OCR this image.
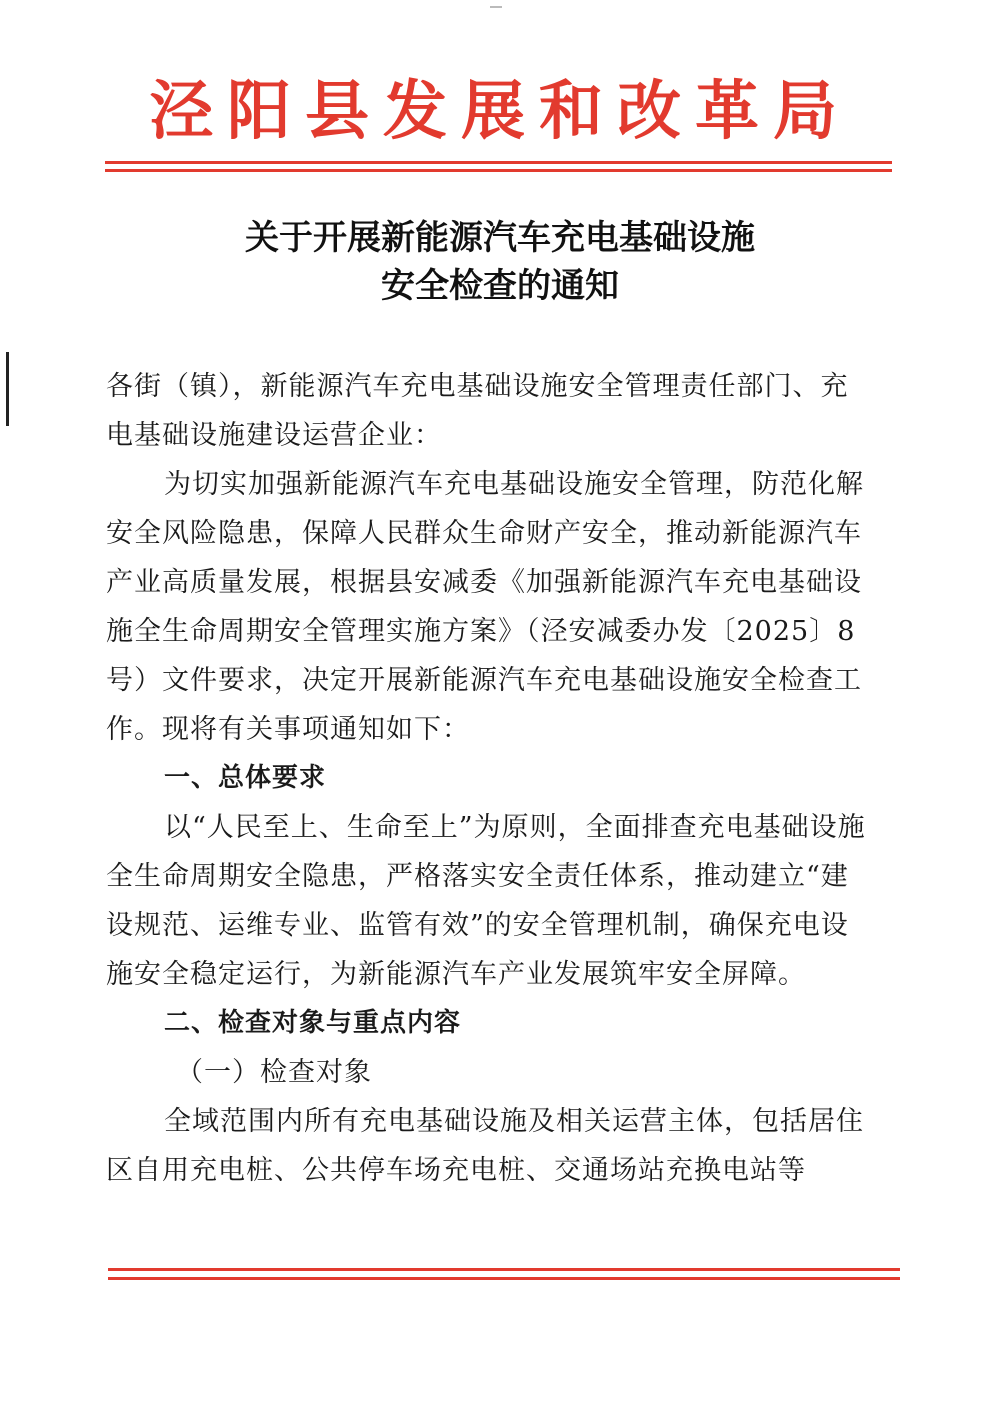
泾阳县发展和改革局
关于开展新能源汽车充电基础设施
安全检查的通知

各街（镇），新能源汽车充电基础设施安全管理责任部门、充电基础设施建设运营企业：

为切实加强新能源汽车充电基础设施安全管理，防范化解安全风险隐患，保障人民群众生命财产安全，推动新能源汽车产业高质量发展，根据县安减委《加强新能源汽车充电基础设施全生命周期安全管理实施方案》（泾安减委办发〔2025〕8号）文件要求，决定开展新能源汽车充电基础设施安全检查工作。现将有关事项通知如下：

一、总体要求

以“人民至上、生命至上”为原则，全面排查充电基础设施全生命周期安全隐患，严格落实安全责任体系，推动建立“建设规范、运维专业、监管有效”的安全管理机制，确保充电设施安全稳定运行，为新能源汽车产业发展筑牢安全屏障。

二、检查对象与重点内容

（一）检查对象

全域范围内所有充电基础设施及相关运营主体，包括居住区自用充电桩、公共停车场充电桩、交通场站充换电站等
